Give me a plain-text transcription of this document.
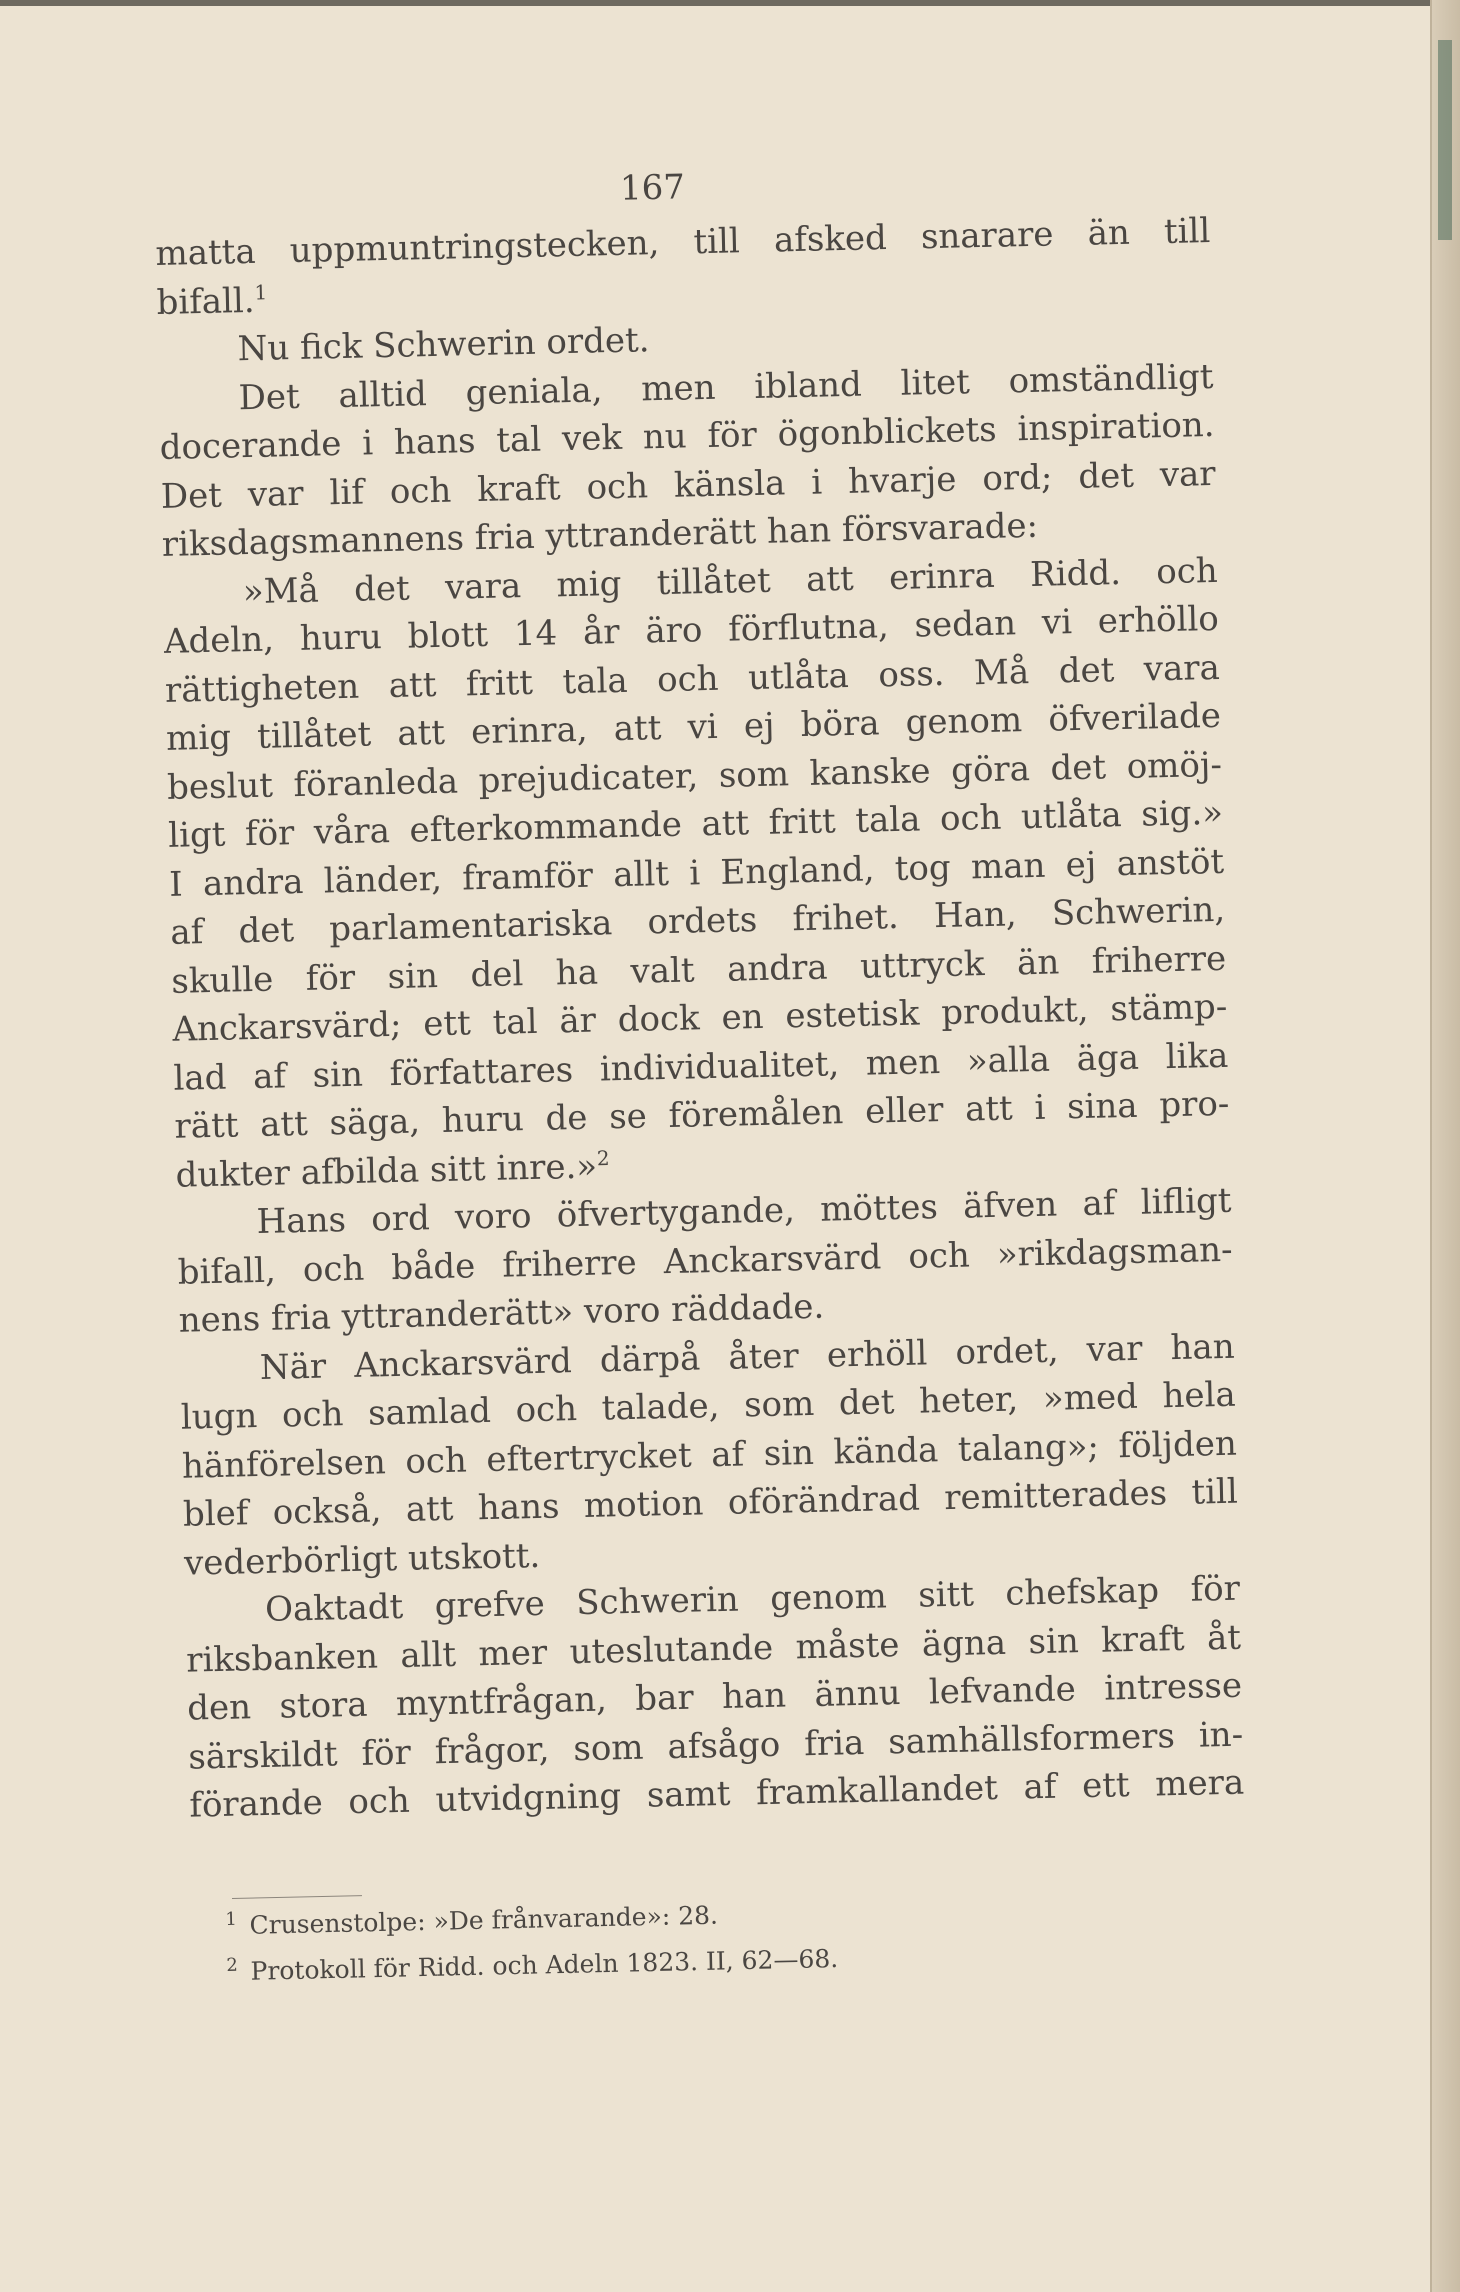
167
matta uppmuntringstecken, till afsked snarare än till
bifall.$^1$
Nu fick Schwerin ordet.
Det alltid geniala, men ibland litet omständligt
docerande i hans tal vek nu för ögonblickets inspiration.
Det var lif och kraft och känsla i hvarje ord; det var
riksdagsmannens fria yttranderätt han försvarade:
»Må det vara mig tillåtet att erinra Ridd. och
Adeln, huru blott 14 år äro förflutna, sedan vi erhöllo
rättigheten att fritt tala och utlåta oss. Må det vara
mig tillåtet att erinra, att vi ej böra genom öfverilade
beslut föranleda prejudicater, som kanske göra det omöj-
ligt för våra efterkommande att fritt tala och utlåta sig.»
I andra länder, framför allt i England, tog man ej anstöt
af det parlamentariska ordets frihet. Han, Schwerin,
skulle för sin del ha valt andra uttryck än friherre
Anckarsvärd; ett tal är dock en estetisk produkt, stämp-
lad af sin författares individualitet, men »alla äga lika
rätt att säga, huru de se föremålen eller att i sina pro-
dukter afbilda sitt inre.»$^2$
Hans ord voro öfvertygande, möttes äfven af lifligt
bifall, och både friherre Anckarsvärd och »rikdagsman-
nens fria yttranderätt» voro räddade.
När Anckarsvärd därpå åter erhöll ordet, var han
lugn och samlad och talade, som det heter, »med hela
hänförelsen och eftertrycket af sin kända talang»; följden
blef också, att hans motion oförändrad remitterades till
vederbörligt utskott.
Oaktadt grefve Schwerin genom sitt chefskap för
riksbanken allt mer uteslutande måste ägna sin kraft åt
den stora myntfrågan, bar han ännu lefvande intresse
särskildt för frågor, som afsågo fria samhällsformers in-
förande och utvidgning samt framkallandet af ett mera
1 Crusenstolpe: »De frånvarande»: 28.
2 Protokoll för Ridd. och Adeln 1823. II, 62—68.
